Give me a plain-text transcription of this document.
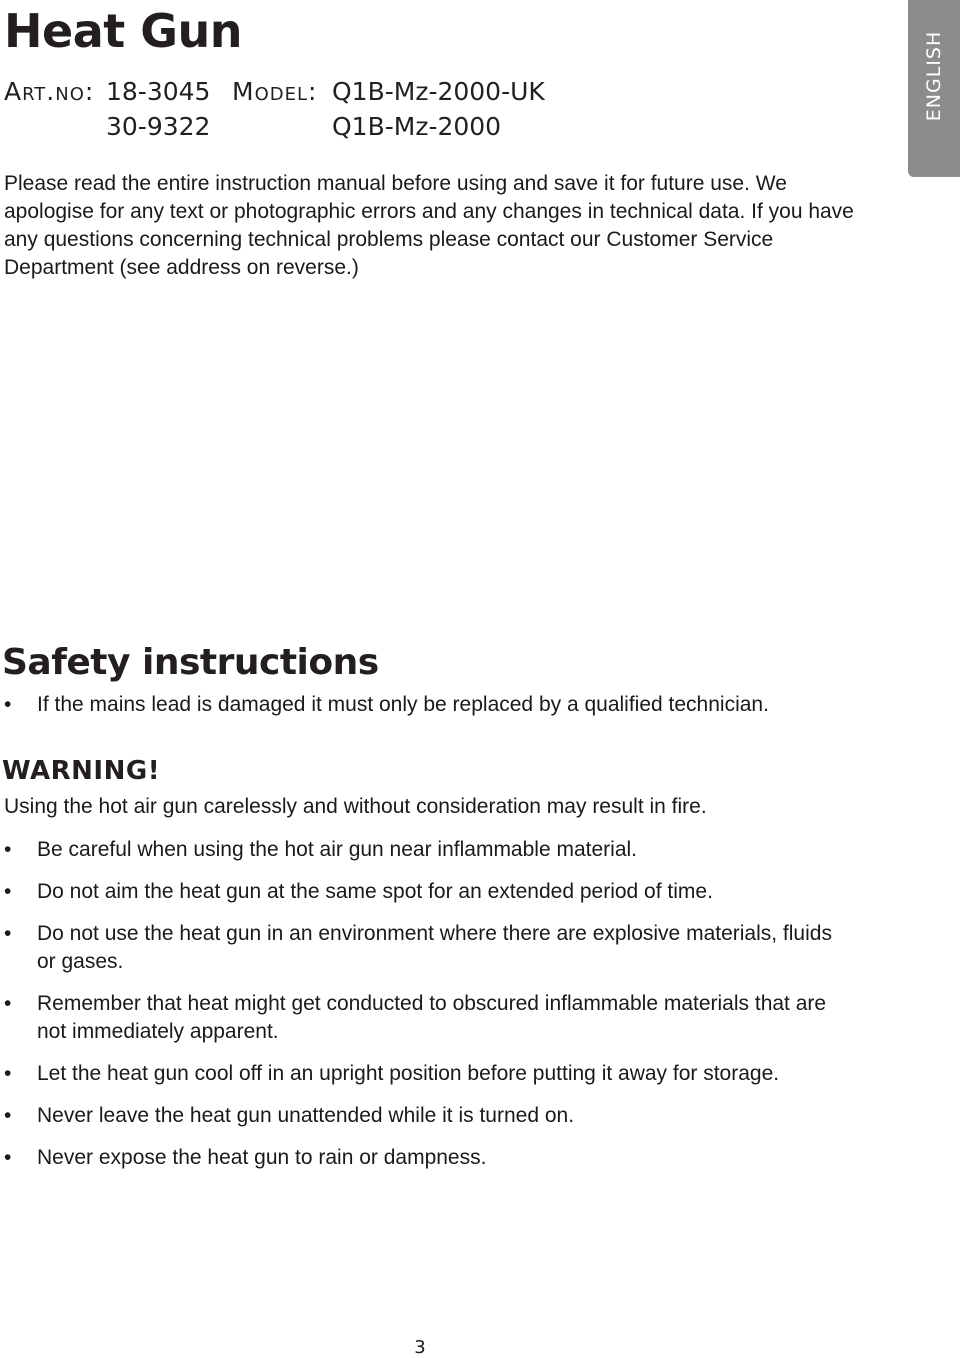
Heat Gun
Art.no: 18-3045 Model: Q1B-Mz-2000-UK
30-9322	Q1B-Mz-2000
ENGLISH

Please read the entire instruction manual before using and save it for future use. We apologise for any text or photographic errors and any changes in technical data. If you have any questions concerning technical problems please contact our Customer Service Department (see address on reverse.)

Safety instructions
• If the mains lead is damaged it must only be replaced by a qualified technician.
WARNING!

Using the hot air gun carelessly and without consideration may result in fire.

• Be careful when using the hot air gun near inflammable material.
• Do not aim the heat gun at the same spot for an extended period of time.
• Do not use the heat gun in an environment where there are explosive materials, fluids or gases.
• Remember that heat might get conducted to obscured inflammable materials that are not immediately apparent.
• Let the heat gun cool off in an upright position before putting it away for storage.
• Never leave the heat gun unattended while it is turned on.
• Never expose the heat gun to rain or dampness.
3
